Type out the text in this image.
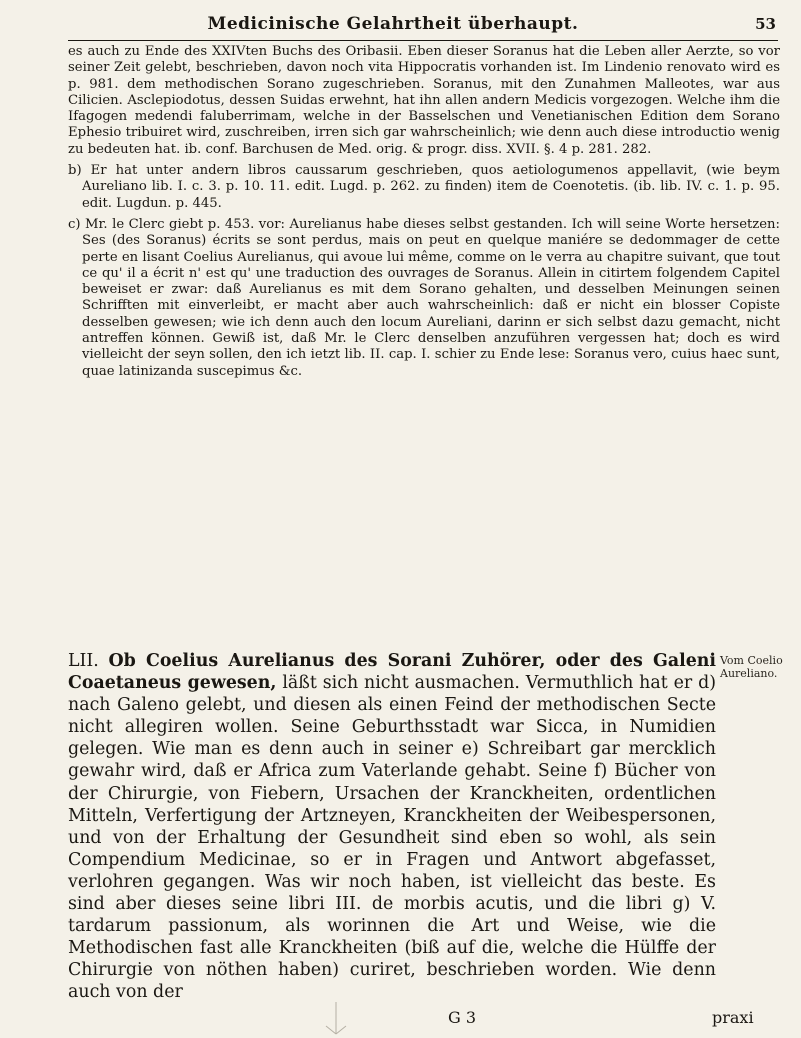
Medicinische Gelahrtheit überhaupt.	53

es auch zu Ende des XXIVten Buchs des Oribasii. Eben dieser Soranus hat die Leben aller Aerzte, so vor seiner Zeit gelebt, beschrieben, davon noch vita Hippocratis vorhanden ist. Im Lindenio renovato wird es p. 981. dem methodischen Sorano zugeschrieben. Soranus, mit den Zunahmen Malleotes, war aus Cilicien. Asclepiodotus, dessen Suidas erwehnt, hat ihn allen andern Medicis vorgezogen. Welche ihm die Ifagogen medendi faluberrimam, welche in der Basselschen und Venetianischen Edition dem Sorano Ephesio tribuiret wird, zuschreiben, irren sich gar wahrscheinlich; wie denn auch diese introductio wenig zu bedeuten hat. ib. conf. Barchusen de Med. orig. & progr. diss. XVII. §. 4 p. 281. 282.

b) Er hat unter andern libros caussarum geschrieben, quos aetiologumenos appellavit, (wie beym Aureliano lib. I. c. 3. p. 10. 11. edit. Lugd. p. 262. zu finden) item de Coenotetis. (ib. lib. IV. c. 1. p. 95. edit. Lugdun. p. 445.

c) Mr. le Clerc giebt p. 453. vor: Aurelianus habe dieses selbst gestanden. Ich will seine Worte hersetzen: Ses (des Soranus) écrits se sont perdus, mais on peut en quelque maniére se dedommager de cette perte en lisant Coelius Aurelianus, qui avoue lui même, comme on le verra au chapitre suivant, que tout ce qu' il a écrit n' est qu' une traduction des ouvrages de Soranus. Allein in citirtem folgendem Capitel beweiset er zwar: daß Aurelianus es mit dem Sorano gehalten, und desselben Meinungen seinen Schrifften mit einverleibt, er macht aber auch wahrscheinlich: daß er nicht ein blosser Copiste desselben gewesen; wie ich denn auch den locum Aureliani, darinn er sich selbst dazu gemacht, nicht antreffen können. Gewiß ist, daß Mr. le Clerc denselben anzuführen vergessen hat; doch es wird vielleicht der seyn sollen, den ich ietzt lib. II. cap. I. schier zu Ende lese: Soranus vero, cuius haec sunt, quae latinizanda suscepimus &c.

LII. Ob Coelius Aurelianus des Sorani Zuhörer, oder des Galeni Coaetaneus gewesen, läßt sich nicht ausmachen. Vermuthlich hat er d) nach Galeno gelebt, und diesen als einen Feind der methodischen Secte nicht allegiren wollen. Seine Geburthsstadt war Sicca, in Numidien gelegen. Wie man es denn auch in seiner e) Schreibart gar mercklich gewahr wird, daß er Africa zum Vaterlande gehabt. Seine f) Bücher von der Chirurgie, von Fiebern, Ursachen der Kranckheiten, ordentlichen Mitteln, Verfertigung der Artzneyen, Kranckheiten der Weibespersonen, und von der Erhaltung der Gesundheit sind eben so wohl, als sein Compendium Medicinae, so er in Fragen und Antwort abgefasset, verlohren gegangen. Was wir noch haben, ist vielleicht das beste. Es sind aber dieses seine libri III. de morbis acutis, und die libri g) V. tardarum passionum, als worinnen die Art und Weise, wie die Methodischen fast alle Kranckheiten (biß auf die, welche die Hülffe der Chirurgie von nöthen haben) curiret, beschrieben worden. Wie denn auch von der

Vom Coelio Aureliano.
G 3	praxi
